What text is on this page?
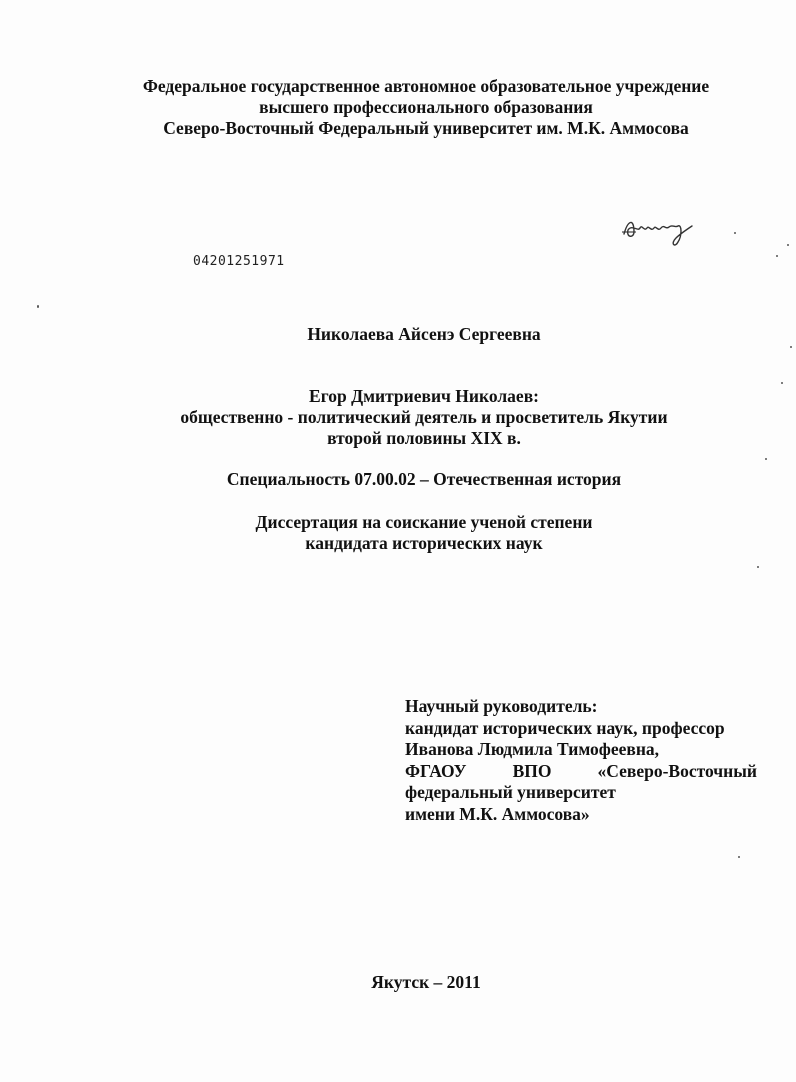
Федеральное государственное автономное образовательное учреждение
высшего профессионального образования
Северо-Восточный Федеральный университет им. М.К. Аммосова
04201251971
Николаева Айсенэ Сергеевна
Егор Дмитриевич Николаев:
общественно - политический деятель и просветитель Якутии
второй половины XIX в.
Специальность 07.00.02 – Отечественная история
Диссертация на соискание ученой степени
кандидата исторических наук
Научный руководитель:
кандидат исторических наук, профессор
Иванова Людмила Тимофеевна,
ФГАОУ	ВПО	«Северо-Восточный
федеральный университет
имени М.К. Аммосова»
Якутск – 2011
